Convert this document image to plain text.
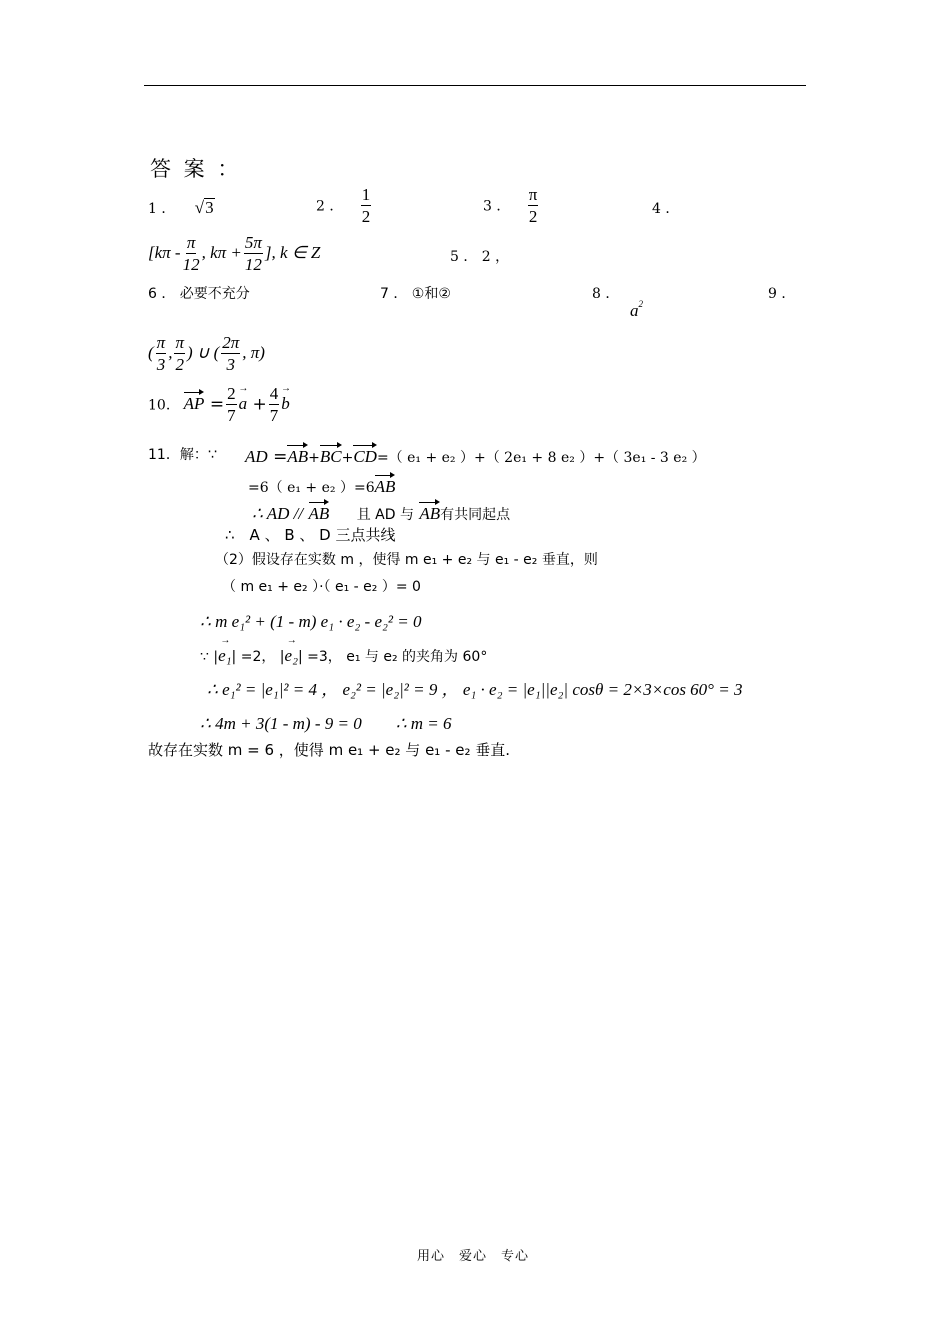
答 案 ：
1 ． √3	2 ． $\frac{1}{2}$	3 ． $\frac{\pi}{2}$	4 ．
[$k\pi - \frac{\pi}{12}$ , $k\pi + \frac{5\pi}{12}$ ], k ∈ Z	5 ． 2 ，
6 ． 必要不充分	7 ． ①和②	8 ．
$a^2$
9 ．
( $\frac{\pi}{3}$ , $\frac{\pi}{2}$ ) ∪ ( $\frac{2\pi}{3}$ , π)
10. AP = $\frac{2}{7}$ a → + $\frac{4}{7}$ b →
11．解：∵ AD =AB+BC+CD=（ e₁ + e₂ ）+（ 2e₁ + 8 e₂ ）+（ 3e₁ - 3 e₂ ）
=6（ e₁ + e₂ ）=6AB
∴ AD // AB 且 AD 与 AB有共同起点
∴　A 、 B 、 D 三点共线
（2）假设存在实数 m ，使得 m e₁ + e₂ 与 e₁ - e₂ 垂直，则
（ m e₁ + e₂ ）·（ e₁ - e₂ ）= 0
∴ m e₁² + (1 - m) e₁ · e₂ - e₂² = 0
∵ |e₁ →| =2， |e₂ →| =3， e₁ 与 e₂ 的夹角为 60°
∴ e₁² = |e₁|² = 4 ， e₂² = |e₂|² = 9 ， e₁ · e₂ = |e₁||e₂| cosθ = 2×3×cos 60° = 3
∴ 4m + 3(1 - m) - 9 = 0　　∴ m = 6
故存在实数 m = 6 ，使得 m e₁ + e₂ 与 e₁ - e₂ 垂直.
用心　爱心　专心
